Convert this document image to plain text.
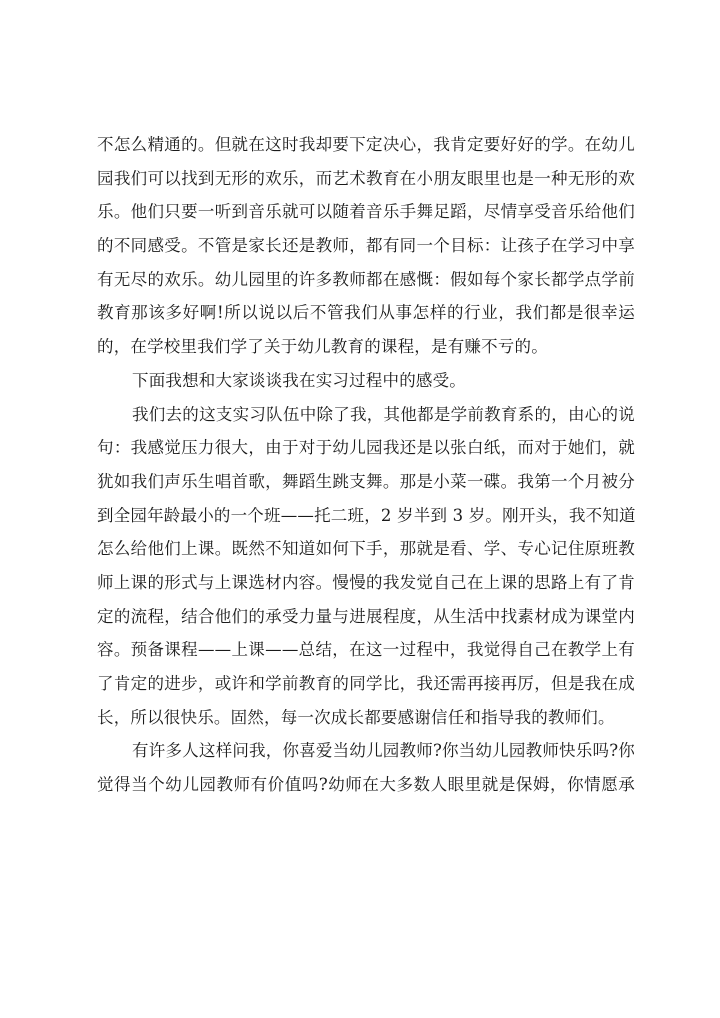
不怎么精通的。但就在这时我却要下定决心，我肯定要好好的学。在幼儿
园我们可以找到无形的欢乐，而艺术教育在小朋友眼里也是一种无形的欢
乐。他们只要一听到音乐就可以随着音乐手舞足蹈，尽情享受音乐给他们
的不同感受。不管是家长还是教师，都有同一个目标：让孩子在学习中享
有无尽的欢乐。幼儿园里的许多教师都在感慨：假如每个家长都学点学前
教育那该多好啊!所以说以后不管我们从事怎样的行业，我们都是很幸运
的，在学校里我们学了关于幼儿教育的课程，是有赚不亏的。
下面我想和大家谈谈我在实习过程中的感受。
我们去的这支实习队伍中除了我，其他都是学前教育系的，由心的说
句：我感觉压力很大，由于对于幼儿园我还是以张白纸，而对于她们，就
犹如我们声乐生唱首歌，舞蹈生跳支舞。那是小菜一碟。我第一个月被分
到全园年龄最小的一个班——托二班，2 岁半到 3 岁。刚开头，我不知道
怎么给他们上课。既然不知道如何下手，那就是看、学、专心记住原班教
师上课的形式与上课选材内容。慢慢的我发觉自己在上课的思路上有了肯
定的流程，结合他们的承受力量与进展程度，从生活中找素材成为课堂内
容。预备课程——上课——总结，在这一过程中，我觉得自己在教学上有
了肯定的进步，或许和学前教育的同学比，我还需再接再厉，但是我在成
长，所以很快乐。固然，每一次成长都要感谢信任和指导我的教师们。
有许多人这样问我，你喜爱当幼儿园教师?你当幼儿园教师快乐吗?你
觉得当个幼儿园教师有价值吗?幼师在大多数人眼里就是保姆，你情愿承
